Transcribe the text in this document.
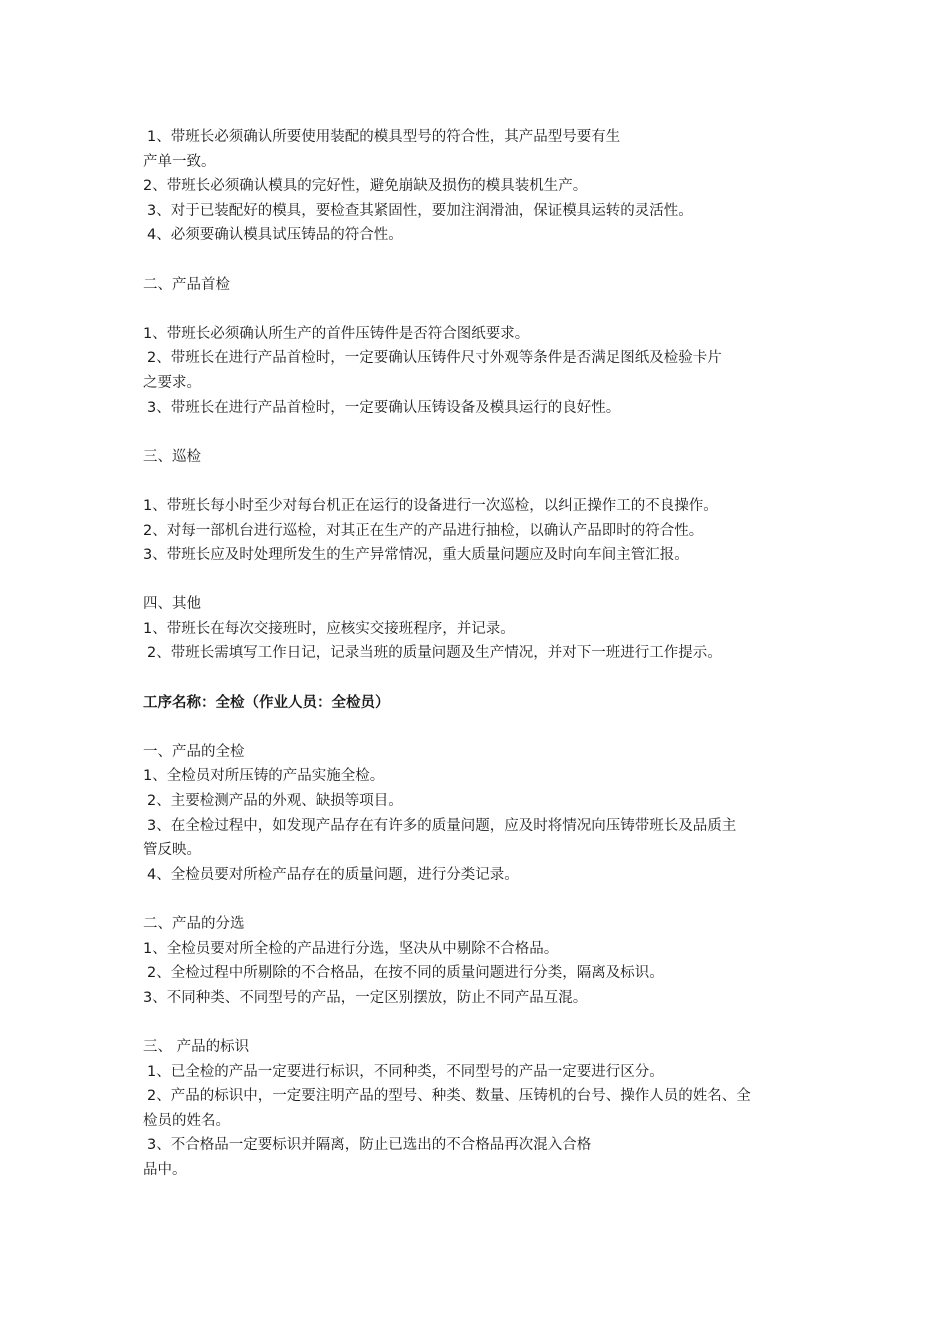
1、带班长必须确认所要使用装配的模具型号的符合性，其产品型号要有生
产单一致。
2、带班长必须确认模具的完好性，避免崩缺及损伤的模具装机生产。
3、对于已装配好的模具，要检查其紧固性，要加注润滑油，保证模具运转的灵活性。
4、必须要确认模具试压铸品的符合性。
二、产品首检
1、带班长必须确认所生产的首件压铸件是否符合图纸要求。
2、带班长在进行产品首检时，一定要确认压铸件尺寸外观等条件是否满足图纸及检验卡片
之要求。
3、带班长在进行产品首检时，一定要确认压铸设备及模具运行的良好性。
三、巡检
1、带班长每小时至少对每台机正在运行的设备进行一次巡检，以纠正操作工的不良操作。
2、对每一部机台进行巡检，对其正在生产的产品进行抽检，以确认产品即时的符合性。
3、带班长应及时处理所发生的生产异常情况，重大质量问题应及时向车间主管汇报。
四、其他
1、带班长在每次交接班时，应核实交接班程序，并记录。
2、带班长需填写工作日记，记录当班的质量问题及生产情况，并对下一班进行工作提示。
工序名称：全检（作业人员：全检员）
一、产品的全检
1、全检员对所压铸的产品实施全检。
2、主要检测产品的外观、缺损等项目。
3、在全检过程中，如发现产品存在有许多的质量问题，应及时将情况向压铸带班长及品质主
管反映。
4、全检员要对所检产品存在的质量问题，进行分类记录。
二、产品的分选
1、全检员要对所全检的产品进行分选，坚决从中剔除不合格品。
2、全检过程中所剔除的不合格品，在按不同的质量问题进行分类，隔离及标识。
3、不同种类、不同型号的产品，一定区别摆放，防止不同产品互混。
三、 产品的标识
1、已全检的产品一定要进行标识，不同种类，不同型号的产品一定要进行区分。
2、产品的标识中，一定要注明产品的型号、种类、数量、压铸机的台号、操作人员的姓名、全
检员的姓名。
3、不合格品一定要标识并隔离，防止已选出的不合格品再次混入合格
品中。
